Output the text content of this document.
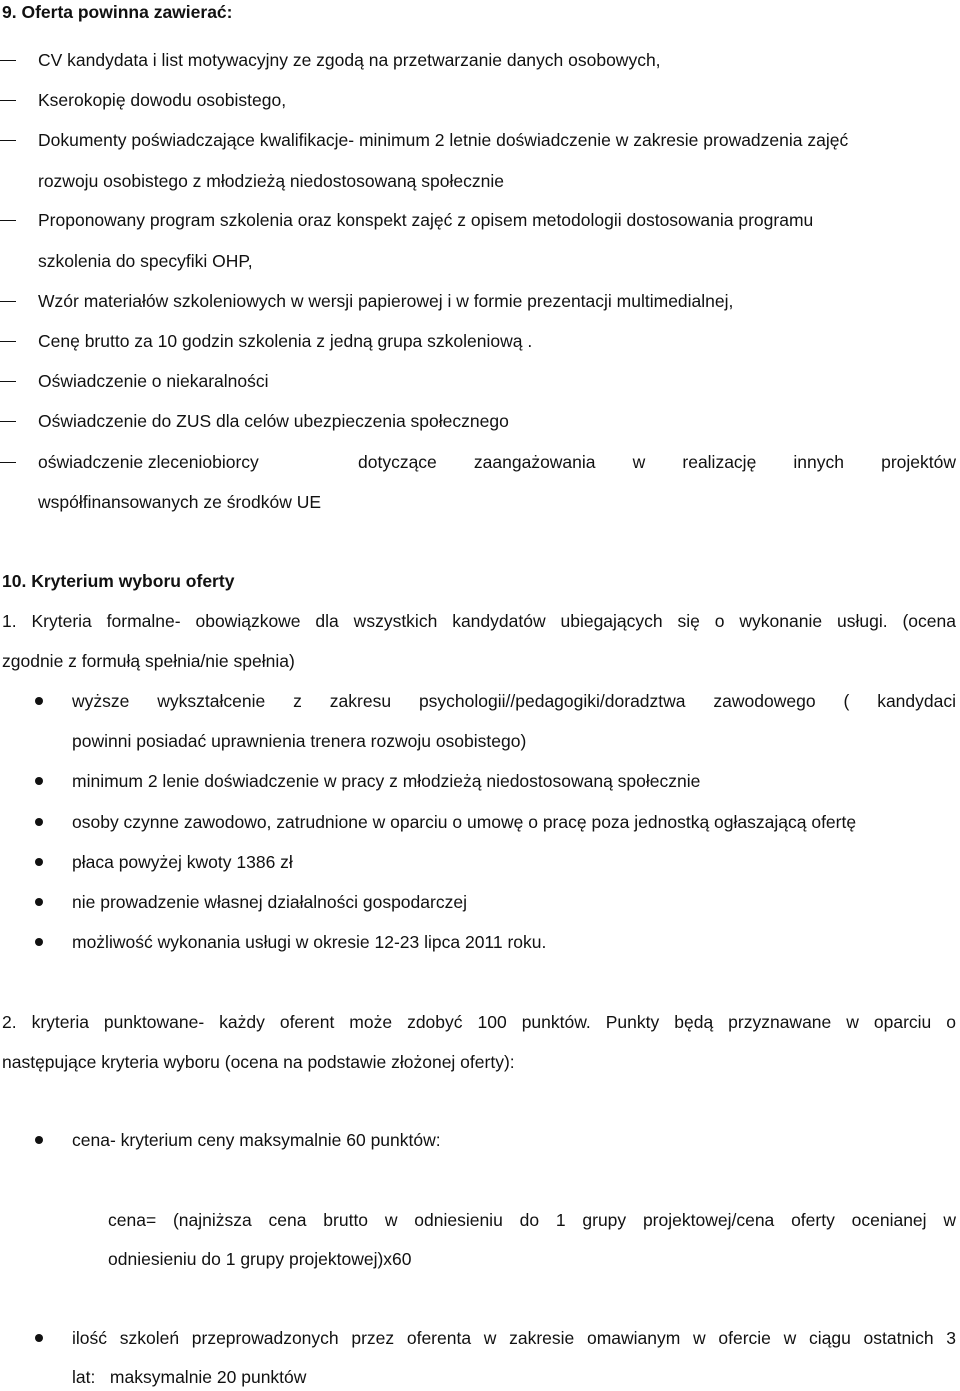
9. Oferta powinna zawierać:
CV kandydata i list motywacyjny ze zgodą na przetwarzanie danych osobowych,
Kserokopię dowodu osobistego,
Dokumenty poświadczające kwalifikacje- minimum 2 letnie doświadczenie w zakresie prowadzenia zajęć
rozwoju osobistego z młodzieżą niedostosowaną społecznie
Proponowany program szkolenia oraz konspekt zajęć z opisem metodologii dostosowania programu
szkolenia do specyfiki OHP,
Wzór materiałów szkoleniowych w wersji papierowej i w formie prezentacji multimedialnej,
Cenę brutto za 10 godzin szkolenia z jedną grupa szkoleniową .
Oświadczenie o niekaralności
Oświadczenie do ZUS dla celów ubezpieczenia społecznego
oświadczenie zleceniobiorcy	dotyczące zaangażowania w realizację innych projektów
współfinansowanych ze środków UE
10. Kryterium wyboru oferty
1. Kryteria formalne- obowiązkowe dla wszystkich kandydatów ubiegających się o wykonanie usługi. (ocena
zgodnie z formułą spełnia/nie spełnia)
wyższe wykształcenie z zakresu psychologii//pedagogiki/doradztwa zawodowego ( kandydaci
powinni posiadać uprawnienia trenera rozwoju osobistego)
minimum 2 lenie doświadczenie w pracy z młodzieżą niedostosowaną społecznie
osoby czynne zawodowo, zatrudnione w oparciu o umowę o pracę poza jednostką ogłaszającą ofertę
płaca powyżej kwoty 1386 zł
nie prowadzenie własnej działalności gospodarczej
możliwość wykonania usługi w okresie 12-23 lipca 2011 roku.
2. kryteria punktowane- każdy oferent może zdobyć 100 punktów. Punkty będą przyznawane w oparciu o
następujące kryteria wyboru (ocena na podstawie złożonej oferty):
cena- kryterium ceny maksymalnie 60 punktów:
cena= (najniższa cena brutto w odniesieniu do 1 grupy projektowej/cena oferty ocenianej w
odniesieniu do 1 grupy projektowej)x60
ilość szkoleń przeprowadzonych przez oferenta w zakresie omawianym w ofercie w ciągu ostatnich 3
lat:   maksymalnie 20 punktów
